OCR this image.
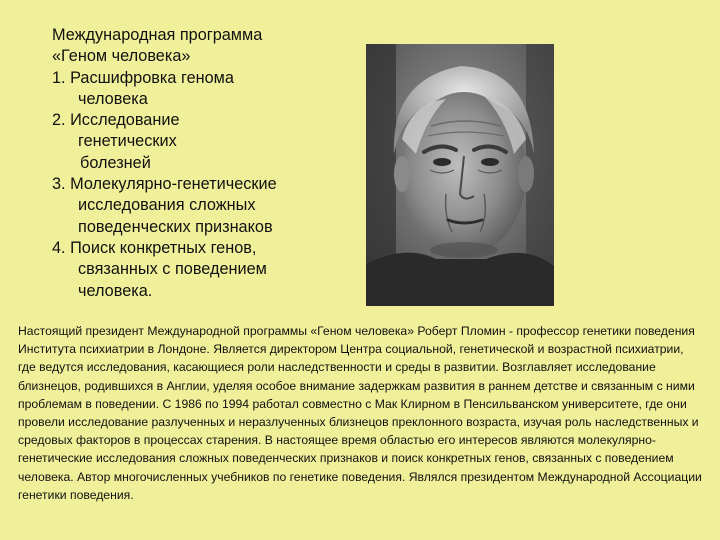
Международная программа
«Геном человека»
1. Расшифровка генома
человека
2. Исследование
генетических
болезней
3. Молекулярно-генетические
исследования сложных
поведенческих признаков
4. Поиск конкретных генов,
связанных с поведением
человека.

Настоящий президент Международной программы «Геном человека» Роберт Пломин - профессор генетики поведения Института психиатрии в Лондоне. Является директором Центра социальной, генетической и возрастной психиатрии, где ведутся исследования, касающиеся роли наследственности и среды в развитии. Возглавляет исследование близнецов, родившихся в Англии, уделяя особое внимание задержкам развития в раннем детстве и связанным с ними проблемам в поведении. С 1986 по 1994 работал совместно с Мак Клирном в Пенсильванском университете, где они провели исследование разлученных и неразлученных близнецов преклонного возраста, изучая роль наследственных и средовых факторов в процессах старения. В настоящее время областью его интересов являются молекулярно-генетические исследования сложных поведенческих признаков и поиск конкретных генов, связанных с поведением человека. Автор многочисленных учебников по генетике поведения. Являлся президентом Международной Ассоциации генетики поведения.
